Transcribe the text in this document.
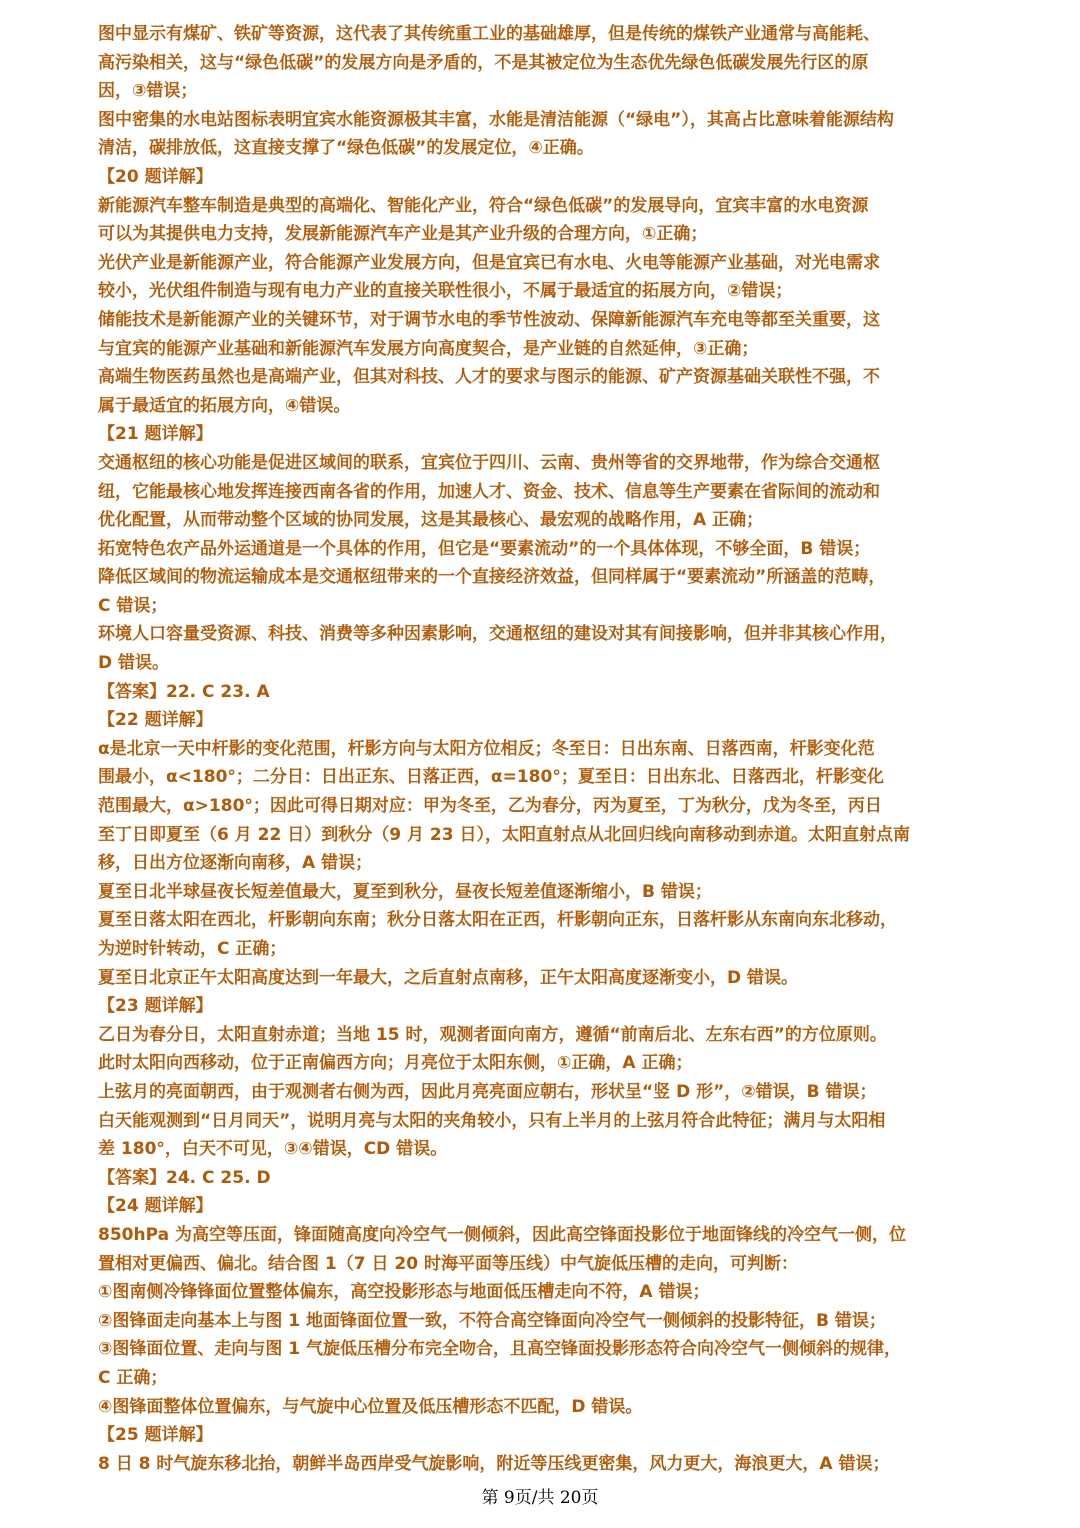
图中显示有煤矿、铁矿等资源，这代表了其传统重工业的基础雄厚，但是传统的煤铁产业通常与高能耗、
高污染相关，这与“绿色低碳”的发展方向是矛盾的，不是其被定位为生态优先绿色低碳发展先行区的原
因，③错误；
图中密集的水电站图标表明宜宾水能资源极其丰富，水能是清洁能源（“绿电”），其高占比意味着能源结构
清洁，碳排放低，这直接支撑了“绿色低碳”的发展定位，④正确。
【20 题详解】
新能源汽车整车制造是典型的高端化、智能化产业，符合“绿色低碳”的发展导向，宜宾丰富的水电资源
可以为其提供电力支持，发展新能源汽车产业是其产业升级的合理方向，①正确；
光伏产业是新能源产业，符合能源产业发展方向，但是宜宾已有水电、火电等能源产业基础，对光电需求
较小，光伏组件制造与现有电力产业的直接关联性很小，不属于最适宜的拓展方向，②错误；
储能技术是新能源产业的关键环节，对于调节水电的季节性波动、保障新能源汽车充电等都至关重要，这
与宜宾的能源产业基础和新能源汽车发展方向高度契合，是产业链的自然延伸，③正确；
高端生物医药虽然也是高端产业，但其对科技、人才的要求与图示的能源、矿产资源基础关联性不强，不
属于最适宜的拓展方向，④错误。
【21 题详解】
交通枢纽的核心功能是促进区域间的联系，宜宾位于四川、云南、贵州等省的交界地带，作为综合交通枢
纽，它能最核心地发挥连接西南各省的作用，加速人才、资金、技术、信息等生产要素在省际间的流动和
优化配置，从而带动整个区域的协同发展，这是其最核心、最宏观的战略作用，A 正确；
拓宽特色农产品外运通道是一个具体的作用，但它是“要素流动”的一个具体体现，不够全面，B 错误；
降低区域间的物流运输成本是交通枢纽带来的一个直接经济效益，但同样属于“要素流动”所涵盖的范畴，
C 错误；
环境人口容量受资源、科技、消费等多种因素影响，交通枢纽的建设对其有间接影响，但并非其核心作用，
D 错误。
【答案】22. C 23. A
【22 题详解】
α是北京一天中杆影的变化范围，杆影方向与太阳方位相反；冬至日：日出东南、日落西南，杆影变化范
围最小，α<180°；二分日：日出正东、日落正西，α=180°；夏至日：日出东北、日落西北，杆影变化
范围最大，α>180°；因此可得日期对应：甲为冬至，乙为春分，丙为夏至，丁为秋分，戊为冬至，丙日
至丁日即夏至（6 月 22 日）到秋分（9 月 23 日），太阳直射点从北回归线向南移动到赤道。太阳直射点南
移，日出方位逐渐向南移，A 错误；
夏至日北半球昼夜长短差值最大，夏至到秋分，昼夜长短差值逐渐缩小，B 错误；
夏至日落太阳在西北，杆影朝向东南；秋分日落太阳在正西，杆影朝向正东，日落杆影从东南向东北移动，
为逆时针转动，C 正确；
夏至日北京正午太阳高度达到一年最大，之后直射点南移，正午太阳高度逐渐变小，D 错误。
【23 题详解】
乙日为春分日，太阳直射赤道；当地 15 时，观测者面向南方，遵循“前南后北、左东右西”的方位原则。
此时太阳向西移动，位于正南偏西方向；月亮位于太阳东侧，①正确，A 正确；
上弦月的亮面朝西，由于观测者右侧为西，因此月亮亮面应朝右，形状呈“竖 D 形”，②错误，B 错误；
白天能观测到“日月同天”，说明月亮与太阳的夹角较小，只有上半月的上弦月符合此特征；满月与太阳相
差 180°，白天不可见，③④错误，CD 错误。
【答案】24. C 25. D
【24 题详解】
850hPa 为高空等压面，锋面随高度向冷空气一侧倾斜，因此高空锋面投影位于地面锋线的冷空气一侧，位
置相对更偏西、偏北。结合图 1（7 日 20 时海平面等压线）中气旋低压槽的走向，可判断：
①图南侧冷锋锋面位置整体偏东，高空投影形态与地面低压槽走向不符，A 错误；
②图锋面走向基本上与图 1 地面锋面位置一致，不符合高空锋面向冷空气一侧倾斜的投影特征，B 错误；
③图锋面位置、走向与图 1 气旋低压槽分布完全吻合，且高空锋面投影形态符合向冷空气一侧倾斜的规律，
C 正确；
④图锋面整体位置偏东，与气旋中心位置及低压槽形态不匹配，D 错误。
【25 题详解】
8 日 8 时气旋东移北抬，朝鲜半岛西岸受气旋影响，附近等压线更密集，风力更大，海浪更大，A 错误；
第 9页/共 20页
